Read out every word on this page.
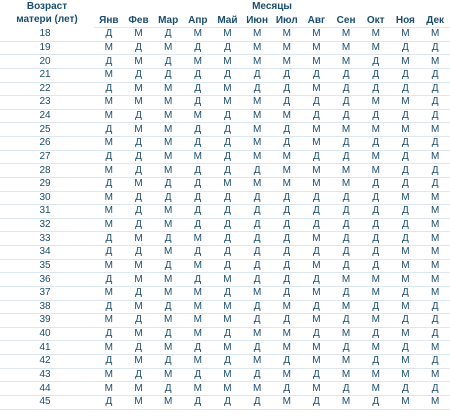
Возраст
матери (лет)	Месяцы											
	Янв	Фев	Мар	Апр	Май	Июн	Июл	Авг	Сен	Окт	Ноя	Дек
18	Д	М	Д	М	М	М	М	М	М	М	М	М
19	М	Д	М	Д	Д	М	М	М	М	М	Д	Д
20	Д	М	Д	М	М	М	М	М	М	Д	М	М
21	М	Д	Д	Д	Д	Д	Д	Д	Д	Д	Д	Д
22	Д	М	М	Д	М	Д	Д	М	Д	Д	Д	Д
23	М	М	М	Д	М	М	Д	Д	Д	М	М	Д
24	М	Д	М	М	Д	М	М	Д	Д	Д	Д	Д
25	Д	М	М	Д	Д	М	Д	М	М	М	М	М
26	М	Д	М	Д	Д	М	Д	М	Д	Д	Д	Д
27	Д	Д	М	М	Д	М	М	Д	Д	М	Д	М
28	М	Д	М	Д	Д	Д	М	М	М	М	Д	Д
29	Д	М	Д	Д	М	М	М	М	М	Д	Д	Д
30	М	Д	Д	Д	Д	Д	Д	Д	Д	Д	М	М
31	М	Д	М	Д	Д	Д	Д	Д	Д	Д	Д	М
32	М	Д	М	Д	Д	Д	Д	Д	Д	Д	Д	М
33	Д	М	Д	М	Д	Д	Д	М	Д	Д	Д	М
34	Д	Д	М	Д	Д	Д	Д	Д	Д	Д	М	М
35	М	М	Д	М	Д	Д	Д	М	Д	Д	М	М
36	Д	М	М	Д	М	Д	Д	Д	М	М	М	М
37	М	Д	М	М	Д	М	Д	М	Д	М	Д	М
38	Д	М	Д	М	М	Д	М	Д	М	Д	М	Д
39	М	Д	М	М	М	Д	Д	М	Д	М	Д	Д
40	Д	М	Д	М	Д	М	М	Д	М	Д	М	Д
41	М	Д	М	Д	М	Д	М	М	Д	М	Д	М
42	Д	М	Д	М	Д	М	Д	М	М	Д	М	Д
43	М	Д	М	Д	М	Д	М	Д	М	М	М	М
44	М	М	Д	М	М	М	Д	М	Д	М	Д	Д
45	Д	М	М	Д	Д	Д	М	Д	М	Д	М	М
